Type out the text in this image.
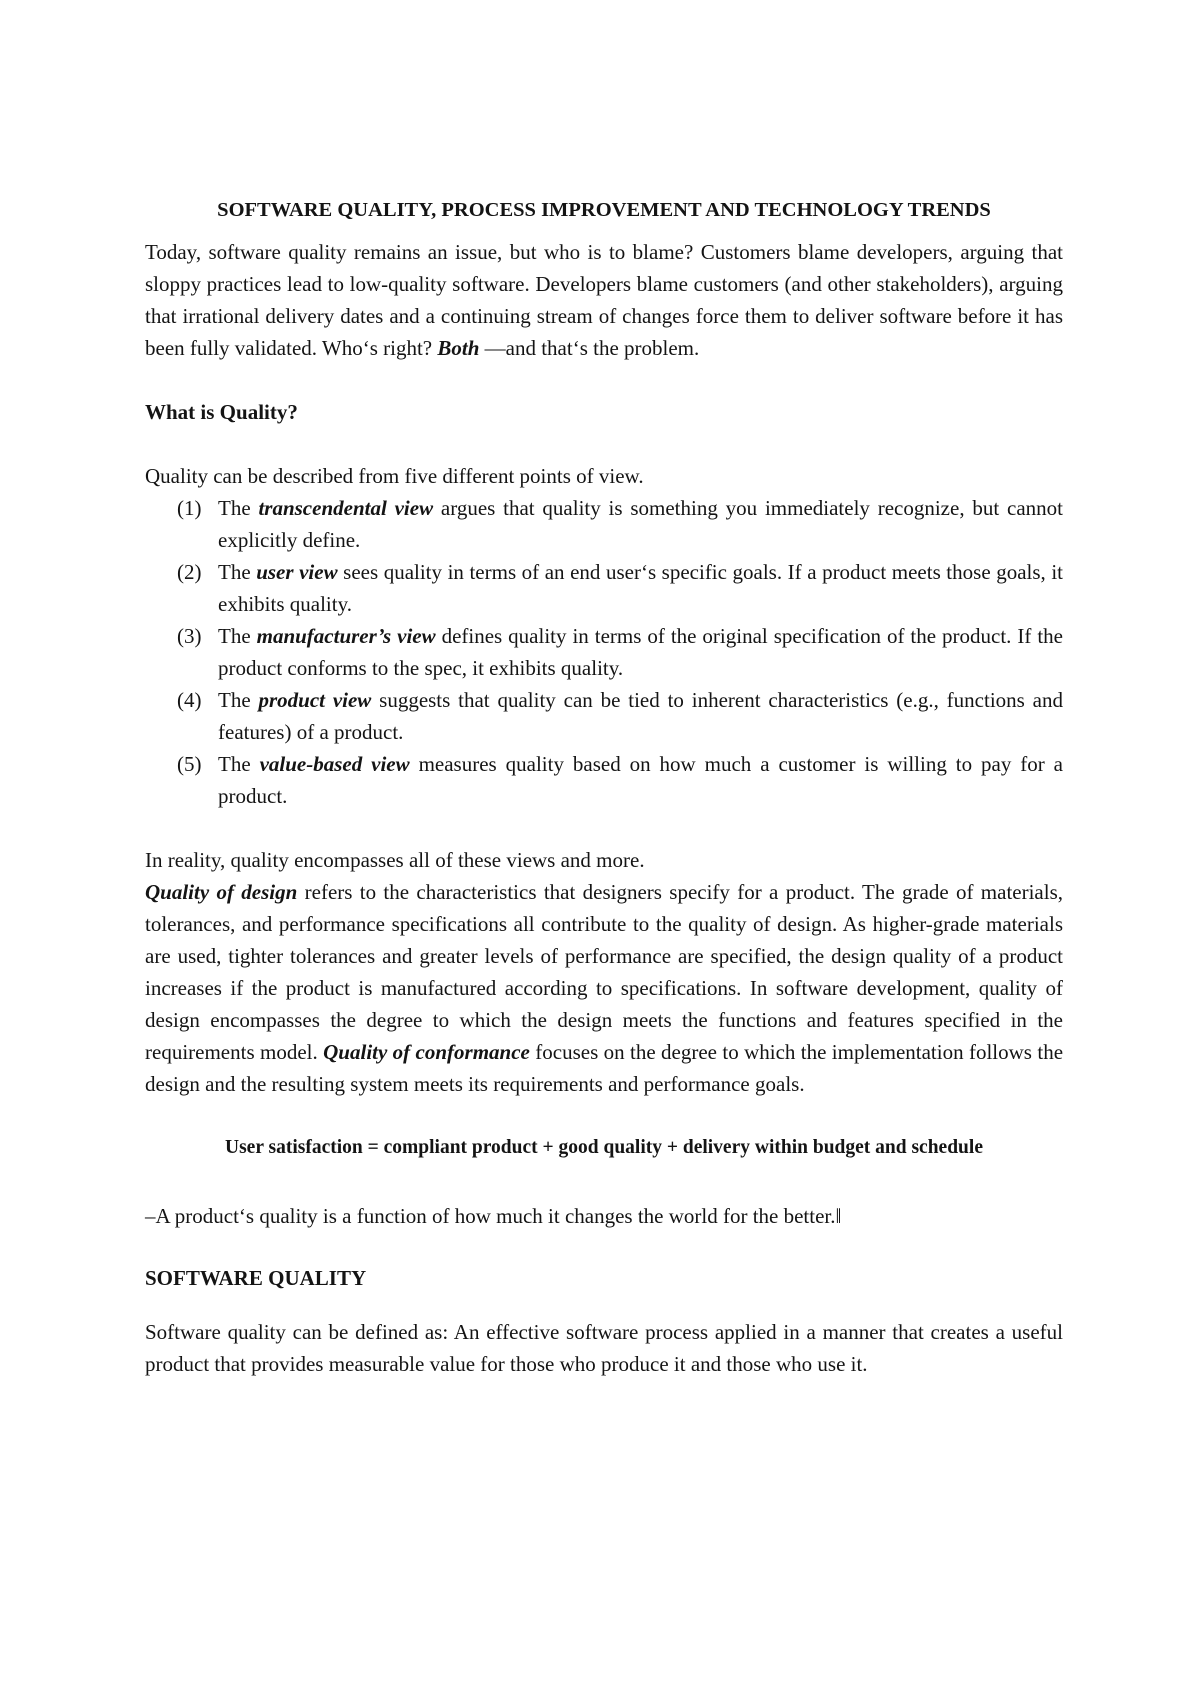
SOFTWARE QUALITY, PROCESS IMPROVEMENT AND TECHNOLOGY TRENDS

Today, software quality remains an issue, but who is to blame? Customers blame developers, arguing that sloppy practices lead to low-quality software. Developers blame customers (and other stakeholders), arguing that irrational delivery dates and a continuing stream of changes force them to deliver software before it has been fully validated. Who‘s right? Both —and that‘s the problem.

What is Quality?

Quality can be described from five different points of view.

(1) The transcendental view argues that quality is something you immediately recognize, but cannot explicitly define.
(2) The user view sees quality in terms of an end user‘s specific goals. If a product meets those goals, it exhibits quality.
(3) The manufacturer’s view defines quality in terms of the original specification of the product. If the product conforms to the spec, it exhibits quality.
(4) The product view suggests that quality can be tied to inherent characteristics (e.g., functions and features) of a product.
(5) The value-based view measures quality based on how much a customer is willing to pay for a product.

In reality, quality encompasses all of these views and more.

Quality of design refers to the characteristics that designers specify for a product. The grade of materials, tolerances, and performance specifications all contribute to the quality of design. As higher-grade materials are used, tighter tolerances and greater levels of performance are specified, the design quality of a product increases if the product is manufactured according to specifications. In software development, quality of design encompasses the degree to which the design meets the functions and features specified in the requirements model. Quality of conformance focuses on the degree to which the implementation follows the design and the resulting system meets its requirements and performance goals.

User satisfaction = compliant product + good quality + delivery within budget and schedule

–A product‘s quality is a function of how much it changes the world for the better.‖

SOFTWARE QUALITY

Software quality can be defined as: An effective software process applied in a manner that creates a useful product that provides measurable value for those who produce it and those who use it.
